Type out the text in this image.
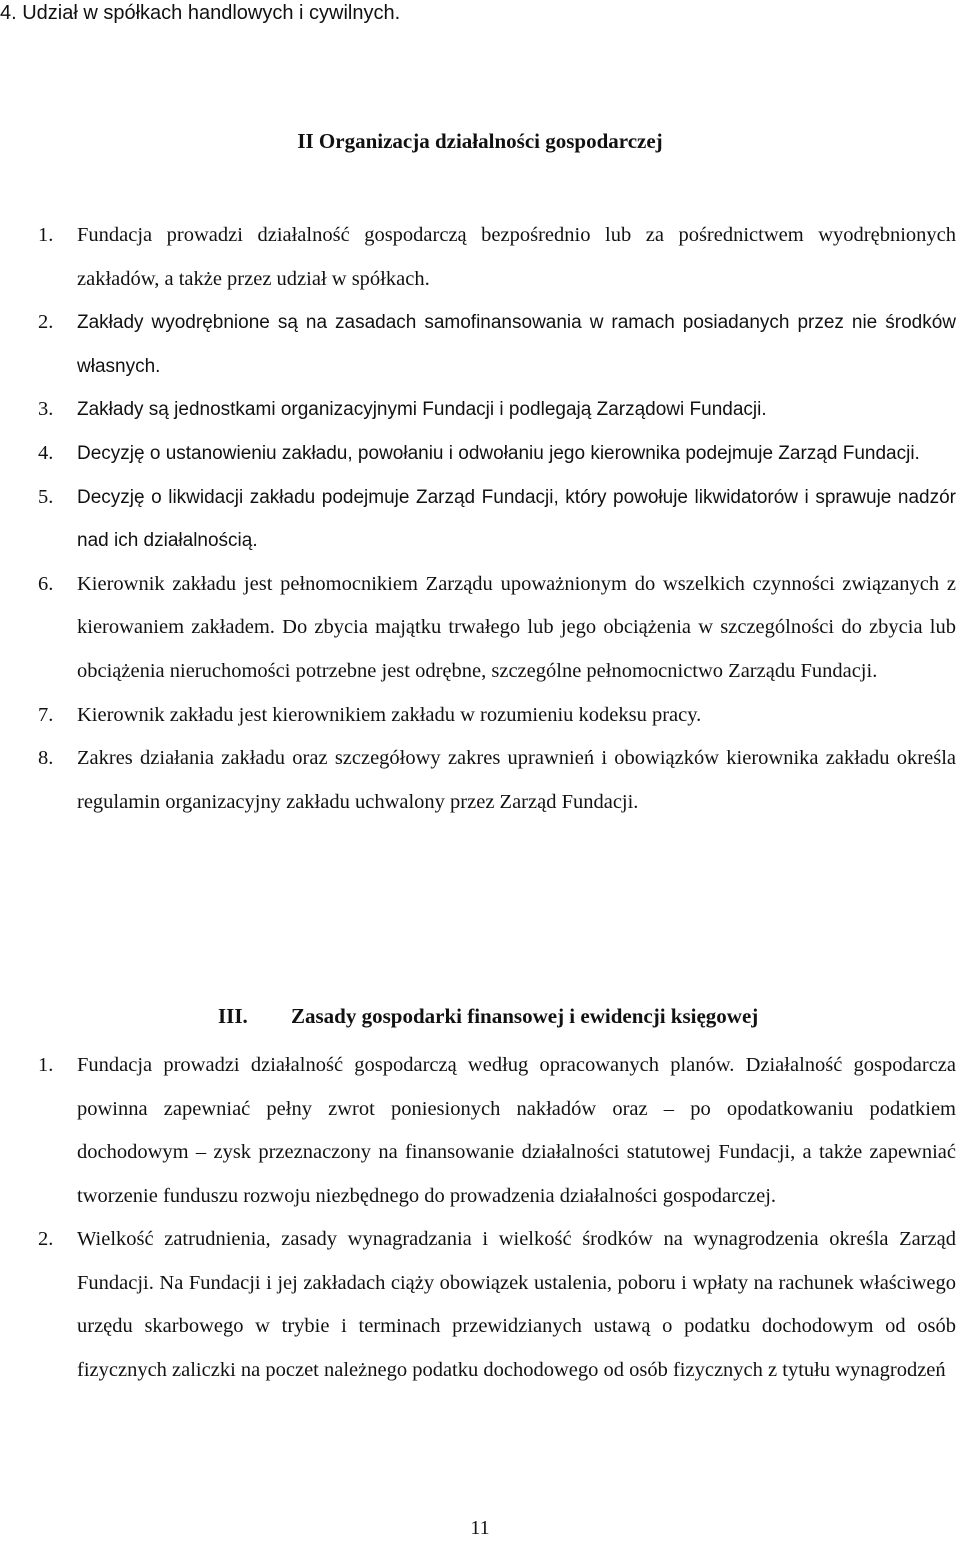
4. Udział w spółkach handlowych i cywilnych.
II Organizacja działalności gospodarczej
1. Fundacja prowadzi działalność gospodarczą bezpośrednio lub za pośrednictwem wyodrębnionych zakładów, a także przez udział w spółkach.
2. Zakłady wyodrębnione są na zasadach samofinansowania w ramach posiadanych przez nie środków własnych.
3. Zakłady są jednostkami organizacyjnymi Fundacji i podlegają Zarządowi Fundacji.
4. Decyzję o ustanowieniu zakładu, powołaniu i odwołaniu jego kierownika podejmuje Zarząd Fundacji.
5. Decyzję o likwidacji zakładu podejmuje Zarząd Fundacji, który powołuje likwidatorów i sprawuje nadzór nad ich działalnością.
6. Kierownik zakładu jest pełnomocnikiem Zarządu upoważnionym do wszelkich czynności związanych z kierowaniem zakładem. Do zbycia majątku trwałego lub jego obciążenia w szczególności do zbycia lub obciążenia nieruchomości potrzebne jest odrębne, szczególne pełnomocnictwo Zarządu Fundacji.
7. Kierownik zakładu jest kierownikiem zakładu w rozumieniu kodeksu pracy.
8. Zakres działania zakładu oraz szczegółowy zakres uprawnień i obowiązków kierownika zakładu określa regulamin organizacyjny zakładu uchwalony przez Zarząd Fundacji.
III. Zasady gospodarki finansowej i ewidencji księgowej
1. Fundacja prowadzi działalność gospodarczą według opracowanych planów. Działalność gospodarcza powinna zapewniać pełny zwrot poniesionych nakładów oraz – po opodatkowaniu podatkiem dochodowym – zysk przeznaczony na finansowanie działalności statutowej Fundacji, a także zapewniać tworzenie funduszu rozwoju niezbędnego do prowadzenia działalności gospodarczej.
2. Wielkość zatrudnienia, zasady wynagradzania i wielkość środków na wynagrodzenia określa Zarząd Fundacji. Na Fundacji i jej zakładach ciąży obowiązek ustalenia, poboru i wpłaty na rachunek właściwego urzędu skarbowego w trybie i terminach przewidzianych ustawą o podatku dochodowym od osób fizycznych zaliczki na poczet należnego podatku dochodowego od osób fizycznych z tytułu wynagrodzeń
11
